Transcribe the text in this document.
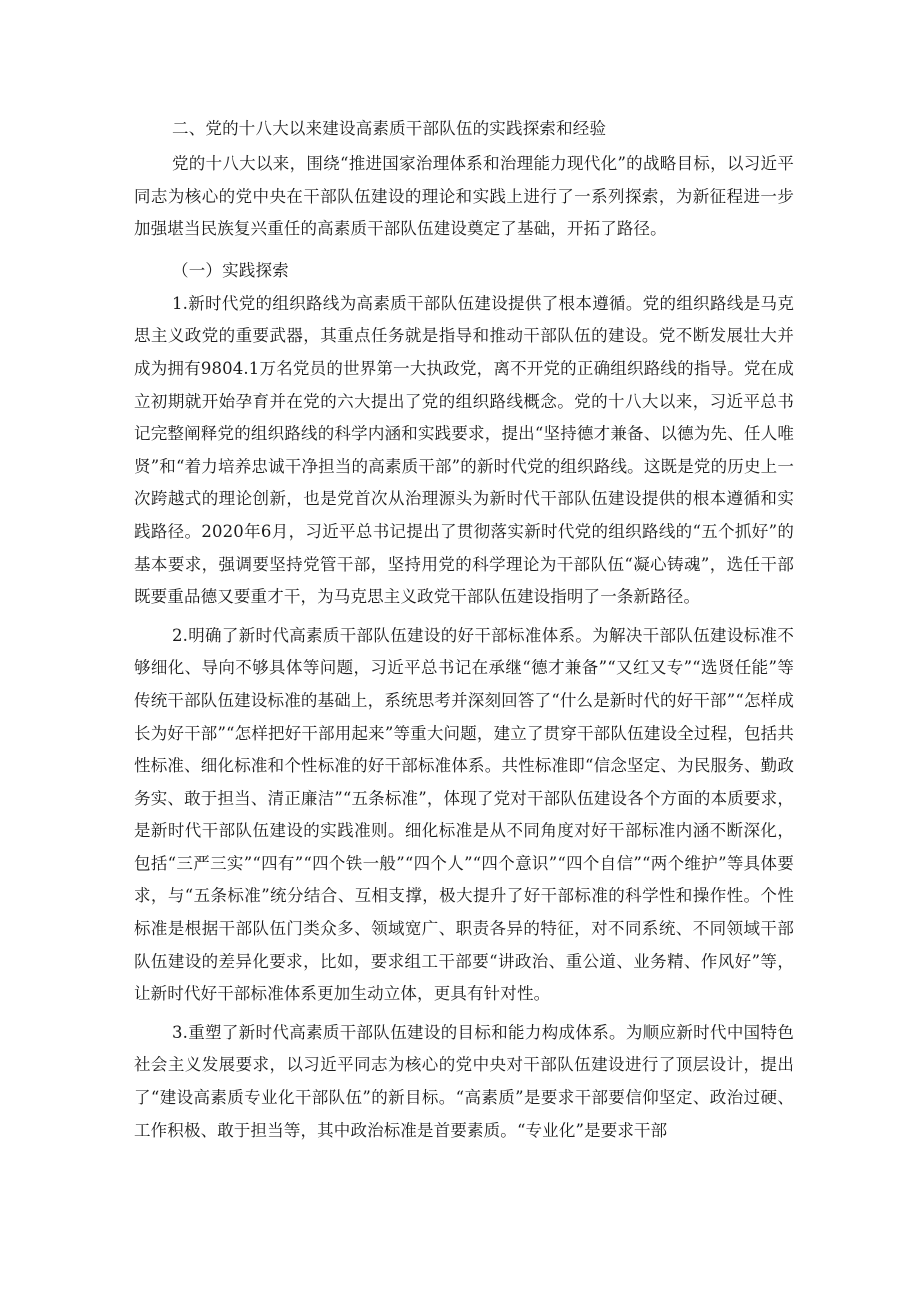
二、党的十八大以来建设高素质干部队伍的实践探索和经验

党的十八大以来，围绕“推进国家治理体系和治理能力现代化”的战略目标，以习近平同志为核心的党中央在干部队伍建设的理论和实践上进行了一系列探索，为新征程进一步加强堪当民族复兴重任的高素质干部队伍建设奠定了基础，开拓了路径。

（一）实践探索

1.新时代党的组织路线为高素质干部队伍建设提供了根本遵循。党的组织路线是马克思主义政党的重要武器，其重点任务就是指导和推动干部队伍的建设。党不断发展壮大并成为拥有9804.1万名党员的世界第一大执政党，离不开党的正确组织路线的指导。党在成立初期就开始孕育并在党的六大提出了党的组织路线概念。党的十八大以来，习近平总书记完整阐释党的组织路线的科学内涵和实践要求，提出“坚持德才兼备、以德为先、任人唯贤”和“着力培养忠诚干净担当的高素质干部”的新时代党的组织路线。这既是党的历史上一次跨越式的理论创新，也是党首次从治理源头为新时代干部队伍建设提供的根本遵循和实践路径。2020年6月，习近平总书记提出了贯彻落实新时代党的组织路线的“五个抓好”的基本要求，强调要坚持党管干部，坚持用党的科学理论为干部队伍“凝心铸魂”，选任干部既要重品德又要重才干，为马克思主义政党干部队伍建设指明了一条新路径。

2.明确了新时代高素质干部队伍建设的好干部标准体系。为解决干部队伍建设标准不够细化、导向不够具体等问题，习近平总书记在承继“德才兼备”“又红又专”“选贤任能”等传统干部队伍建设标准的基础上，系统思考并深刻回答了“什么是新时代的好干部”“怎样成长为好干部”“怎样把好干部用起来”等重大问题，建立了贯穿干部队伍建设全过程，包括共性标准、细化标准和个性标准的好干部标准体系。共性标准即“信念坚定、为民服务、勤政务实、敢于担当、清正廉洁”“五条标准”，体现了党对干部队伍建设各个方面的本质要求，是新时代干部队伍建设的实践准则。细化标准是从不同角度对好干部标准内涵不断深化，包括“三严三实”“四有”“四个铁一般”“四个人”“四个意识”“四个自信”“两个维护”等具体要求，与“五条标准”统分结合、互相支撑，极大提升了好干部标准的科学性和操作性。个性标准是根据干部队伍门类众多、领域宽广、职责各异的特征，对不同系统、不同领域干部队伍建设的差异化要求，比如，要求组工干部要“讲政治、重公道、业务精、作风好”等，让新时代好干部标准体系更加生动立体，更具有针对性。

3.重塑了新时代高素质干部队伍建设的目标和能力构成体系。为顺应新时代中国特色社会主义发展要求，以习近平同志为核心的党中央对干部队伍建设进行了顶层设计，提出了“建设高素质专业化干部队伍”的新目标。“高素质”是要求干部要信仰坚定、政治过硬、工作积极、敢于担当等，其中政治标准是首要素质。“专业化”是要求干部
